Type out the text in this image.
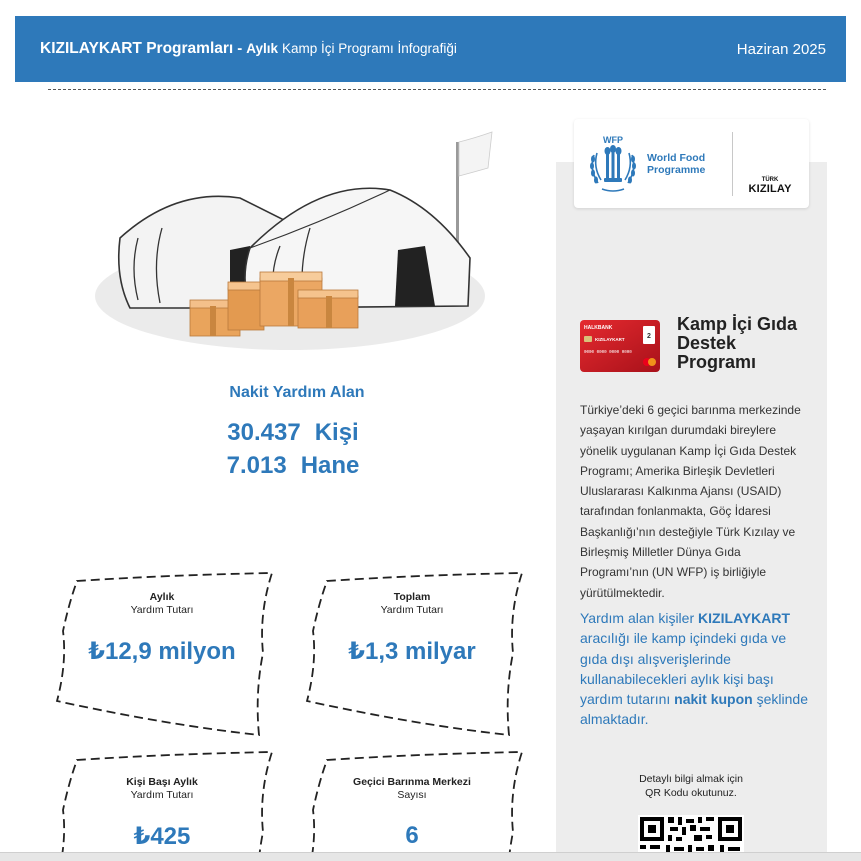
KIZILAYKART Programları - Aylık Kamp İçi Programı İnfografiği	Haziran 2025
WFP
World Food
Programme
TÜRK
KIZILAY
HALKBANK
KIZILAYKART	2
0000 0000 0000 0000
Kamp İçi Gıda Destek Programı
Türkiye’deki 6 geçici barınma merkezinde yaşayan kırılgan durumdaki bireylere yönelik uygulanan Kamp İçi Gıda Destek Programı; Amerika Birleşik Devletleri Uluslararası Kalkınma Ajansı (USAID) tarafından fonlanmakta, Göç İdaresi Başkanlığı’nın desteğiyle Türk Kızılay ve Birleşmiş Milletler Dünya Gıda Programı’nın (UN WFP) iş birliğiyle yürütülmektedir.
Yardım alan kişiler KIZILAYKART aracılığı ile kamp içindeki gıda ve gıda dışı alışverişlerinde kullanabilecekleri aylık kişi başı yardım tutarını nakit kupon şeklinde almaktadır.
Detaylı bilgi almak için
QR Kodu okutunuz.
Nakit Yardım Alan
30.437 Kişi
7.013 Hane
Aylık
Yardım Tutarı
₺12,9 milyon
Toplam
Yardım Tutarı
₺1,3 milyar
Kişi Başı Aylık
Yardım Tutarı
₺425
Geçici Barınma Merkezi
Sayısı
6
